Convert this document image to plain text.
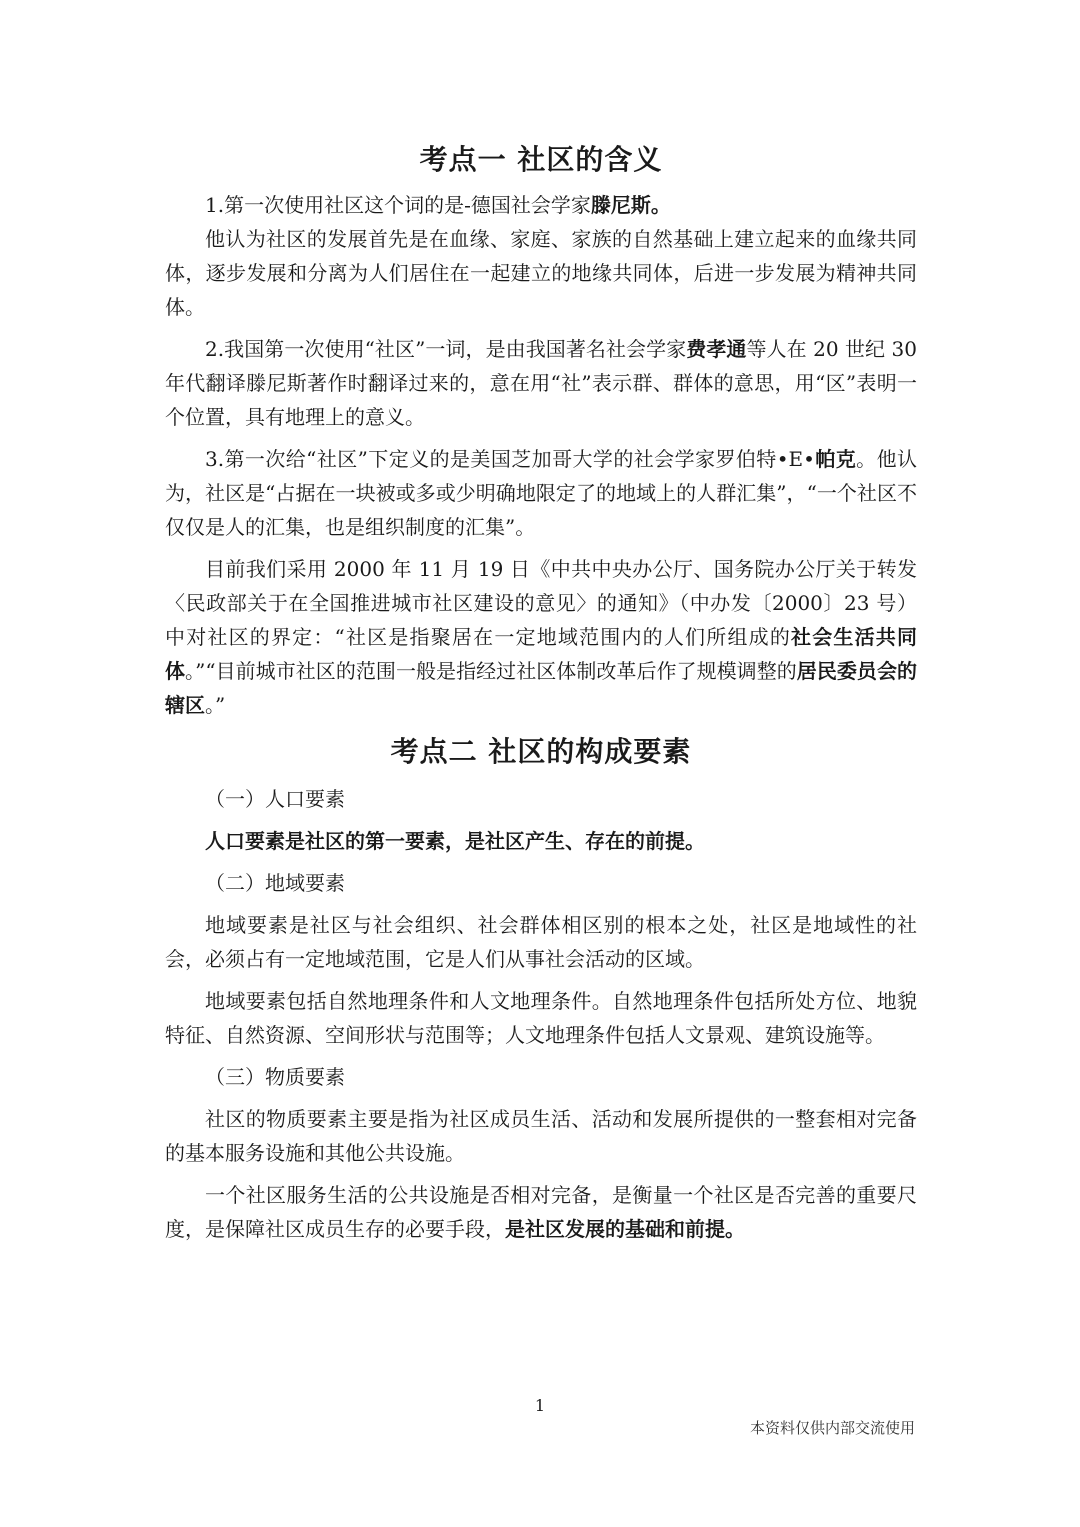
考点一 社区的含义

1.第一次使用社区这个词的是-德国社会学家滕尼斯。

他认为社区的发展首先是在血缘、家庭、家族的自然基础上建立起来的血缘共同体，逐步发展和分离为人们居住在一起建立的地缘共同体，后进一步发展为精神共同体。

2.我国第一次使用“社区”一词，是由我国著名社会学家费孝通等人在 20 世纪 30 年代翻译滕尼斯著作时翻译过来的，意在用“社”表示群、群体的意思，用“区”表明一个位置，具有地理上的意义。

3.第一次给“社区”下定义的是美国芝加哥大学的社会学家罗伯特•E•帕克。他认为，社区是“占据在一块被或多或少明确地限定了的地域上的人群汇集”，“一个社区不仅仅是人的汇集，也是组织制度的汇集”。

目前我们采用 2000 年 11 月 19 日《中共中央办公厅、国务院办公厅关于转发〈民政部关于在全国推进城市社区建设的意见〉的通知》（中办发〔2000〕23 号）中对社区的界定：“社区是指聚居在一定地域范围内的人们所组成的社会生活共同体。”“目前城市社区的范围一般是指经过社区体制改革后作了规模调整的居民委员会的辖区。”

考点二 社区的构成要素

（一）人口要素

人口要素是社区的第一要素，是社区产生、存在的前提。

（二）地域要素

地域要素是社区与社会组织、社会群体相区别的根本之处，社区是地域性的社会，必须占有一定地域范围，它是人们从事社会活动的区域。

地域要素包括自然地理条件和人文地理条件。自然地理条件包括所处方位、地貌特征、自然资源、空间形状与范围等；人文地理条件包括人文景观、建筑设施等。

（三）物质要素

社区的物质要素主要是指为社区成员生活、活动和发展所提供的一整套相对完备的基本服务设施和其他公共设施。

一个社区服务生活的公共设施是否相对完备，是衡量一个社区是否完善的重要尺度，是保障社区成员生存的必要手段，是社区发展的基础和前提。

1
本资料仅供内部交流使用
